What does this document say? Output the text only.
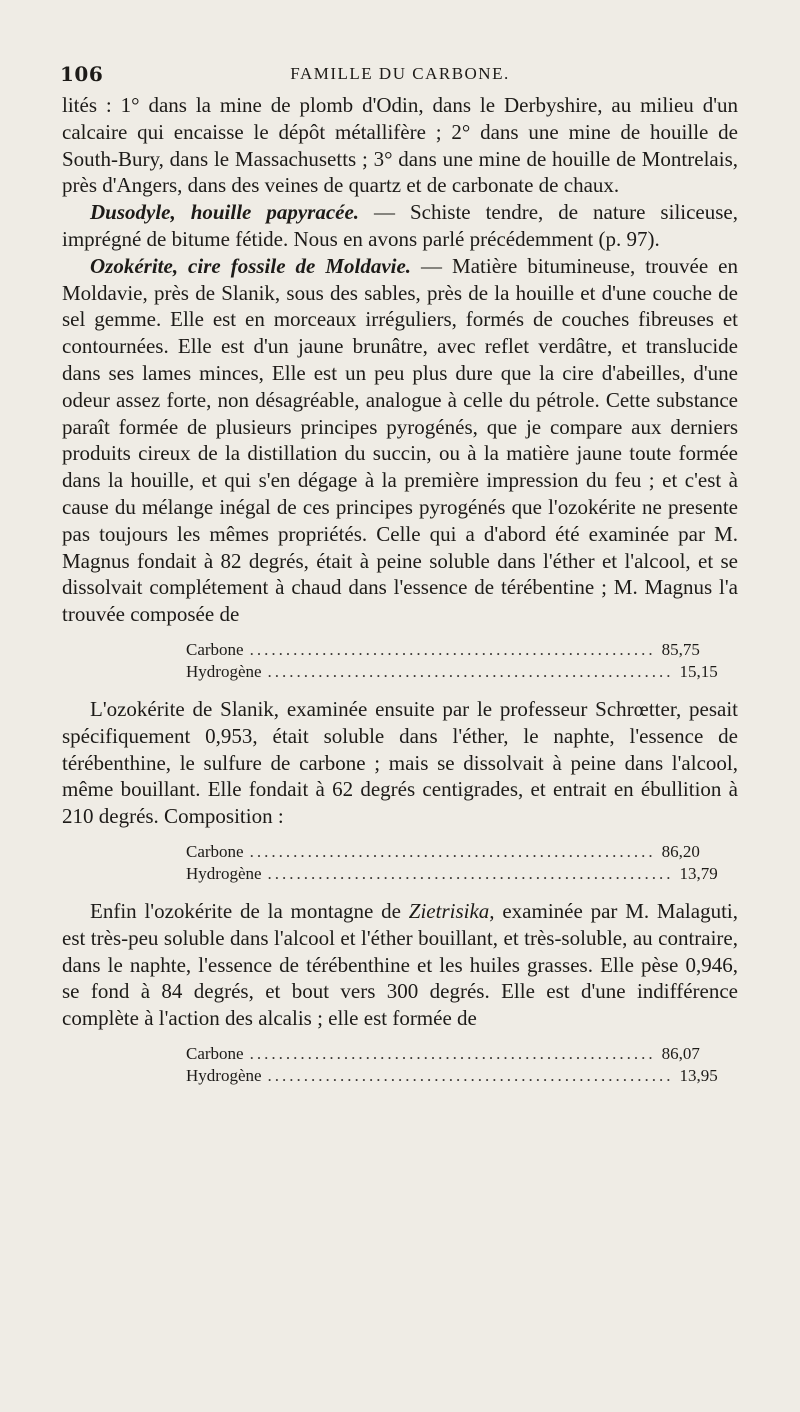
106	FAMILLE DU CARBONE.

lités : 1° dans la mine de plomb d'Odin, dans le Derbyshire, au milieu d'un calcaire qui encaisse le dépôt métallifère ; 2° dans une mine de houille de South-Bury, dans le Massachusetts ; 3° dans une mine de houille de Montrelais, près d'Angers, dans des veines de quartz et de carbonate de chaux.

Dusodyle, houille papyracée. — Schiste tendre, de nature siliceuse, imprégné de bitume fétide. Nous en avons parlé précédemment (p. 97).

Ozokérite, cire fossile de Moldavie. — Matière bitumineuse, trouvée en Moldavie, près de Slanik, sous des sables, près de la houille et d'une couche de sel gemme. Elle est en morceaux irréguliers, formés de couches fibreuses et contournées. Elle est d'un jaune brunâtre, avec reflet verdâtre, et translucide dans ses lames minces, Elle est un peu plus dure que la cire d'abeilles, d'une odeur assez forte, non désagréable, analogue à celle du pétrole. Cette substance paraît formée de plusieurs principes pyrogénés, que je compare aux derniers produits cireux de la distillation du succin, ou à la matière jaune toute formée dans la houille, et qui s'en dégage à la première impression du feu ; et c'est à cause du mélange inégal de ces principes pyrogénés que l'ozokérite ne presente pas toujours les mêmes propriétés. Celle qui a d'abord été examinée par M. Magnus fondait à 82 degrés, était à peine soluble dans l'éther et l'alcool, et se dissolvait complétement à chaud dans l'essence de térébentine ; M. Magnus l'a trouvée composée de

Carbone ........................................................ 85,75
Hydrogène ........................................................ 15,15

L'ozokérite de Slanik, examinée ensuite par le professeur Schrœtter, pesait spécifiquement 0,953, était soluble dans l'éther, le naphte, l'essence de térébenthine, le sulfure de carbone ; mais se dissolvait à peine dans l'alcool, même bouillant. Elle fondait à 62 degrés centigrades, et entrait en ébullition à 210 degrés. Composition :

Carbone ........................................................ 86,20
Hydrogène ........................................................ 13,79

Enfin l'ozokérite de la montagne de Zietrisika, examinée par M. Malaguti, est très-peu soluble dans l'alcool et l'éther bouillant, et très-soluble, au contraire, dans le naphte, l'essence de térébenthine et les huiles grasses. Elle pèse 0,946, se fond à 84 degrés, et bout vers 300 degrés. Elle est d'une indifférence complète à l'action des alcalis ; elle est formée de

Carbone ........................................................ 86,07
Hydrogène ........................................................ 13,95
